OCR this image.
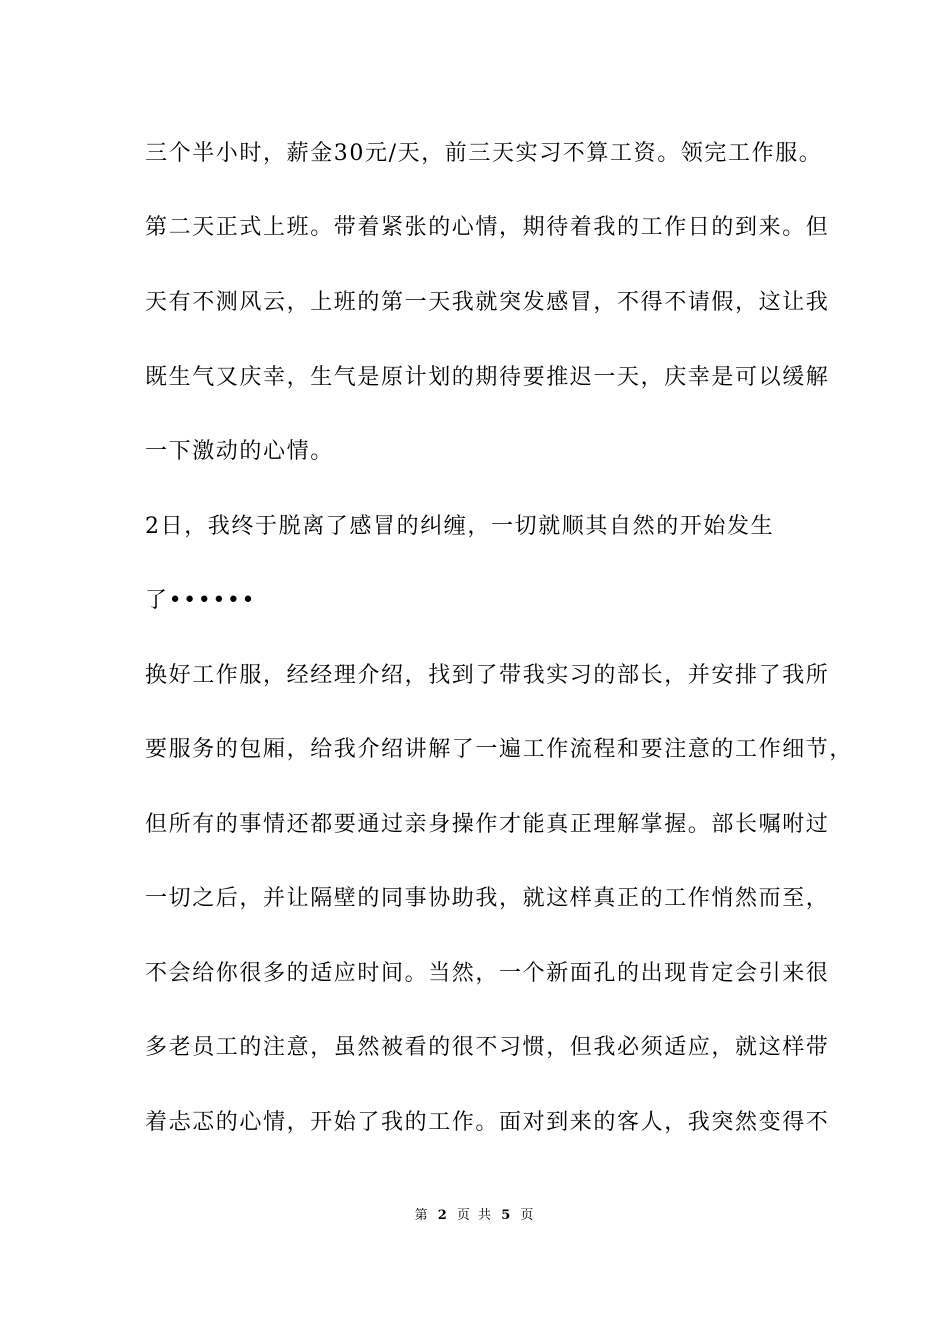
三个半小时，薪金30元/天，前三天实习不算工资。领完工作服。
第二天正式上班。带着紧张的心情，期待着我的工作日的到来。但
天有不测风云，上班的第一天我就突发感冒，不得不请假，这让我
既生气又庆幸，生气是原计划的期待要推迟一天，庆幸是可以缓解
一下激动的心情。
2日，我终于脱离了感冒的纠缠，一切就顺其自然的开始发生
了••••••
换好工作服，经经理介绍，找到了带我实习的部长，并安排了我所
要服务的包厢，给我介绍讲解了一遍工作流程和要注意的工作细节，
但所有的事情还都要通过亲身操作才能真正理解掌握。部长嘱咐过
一切之后，并让隔壁的同事协助我，就这样真正的工作悄然而至，
不会给你很多的适应时间。当然，一个新面孔的出现肯定会引来很
多老员工的注意，虽然被看的很不习惯，但我必须适应，就这样带
着忐忑的心情，开始了我的工作。面对到来的客人，我突然变得不
第 2 页 共 5 页
